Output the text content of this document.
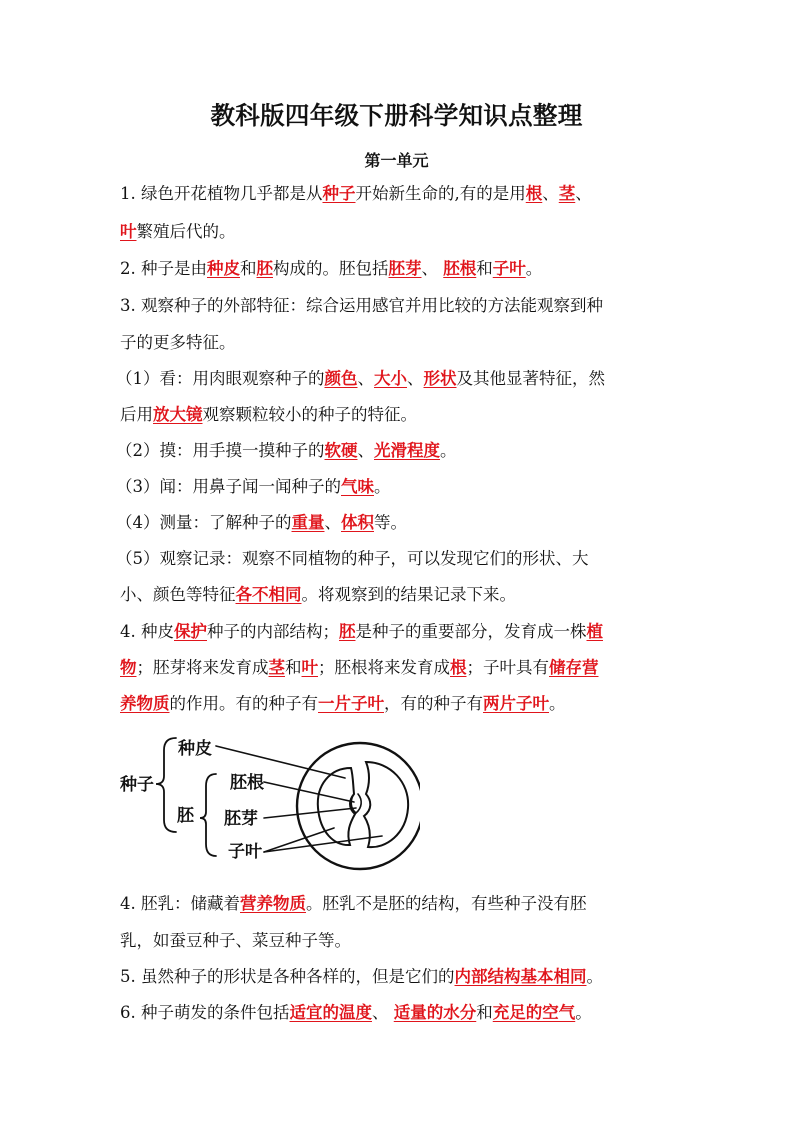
教科版四年级下册科学知识点整理
第一单元
1. 绿色开花植物几乎都是从种子开始新生命的,有的是用根、茎、
叶繁殖后代的。
2. 种子是由种皮和胚构成的。胚包括胚芽、 胚根和子叶。
3. 观察种子的外部特征：综合运用感官并用比较的方法能观察到种
子的更多特征。
（1）看：用肉眼观察种子的颜色、大小、形状及其他显著特征，然
后用放大镜观察颗粒较小的种子的特征。
（2）摸：用手摸一摸种子的软硬、光滑程度。
（3）闻：用鼻子闻一闻种子的气味。
（4）测量：了解种子的重量、体积等。
（5）观察记录：观察不同植物的种子，可以发现它们的形状、大
小、颜色等特征各不相同。将观察到的结果记录下来。
4. 种皮保护种子的内部结构；胚是种子的重要部分，发育成一株植
物；胚芽将来发育成茎和叶；胚根将来发育成根；子叶具有储存营
养物质的作用。有的种子有一片子叶，有的种子有两片子叶。
种皮
种子
胚
胚根
胚芽
子叶
4. 胚乳：储藏着营养物质。胚乳不是胚的结构，有些种子没有胚
乳，如蚕豆种子、菜豆种子等。
5. 虽然种子的形状是各种各样的，但是它们的内部结构基本相同。
6. 种子萌发的条件包括适宜的温度、 适量的水分和充足的空气。
